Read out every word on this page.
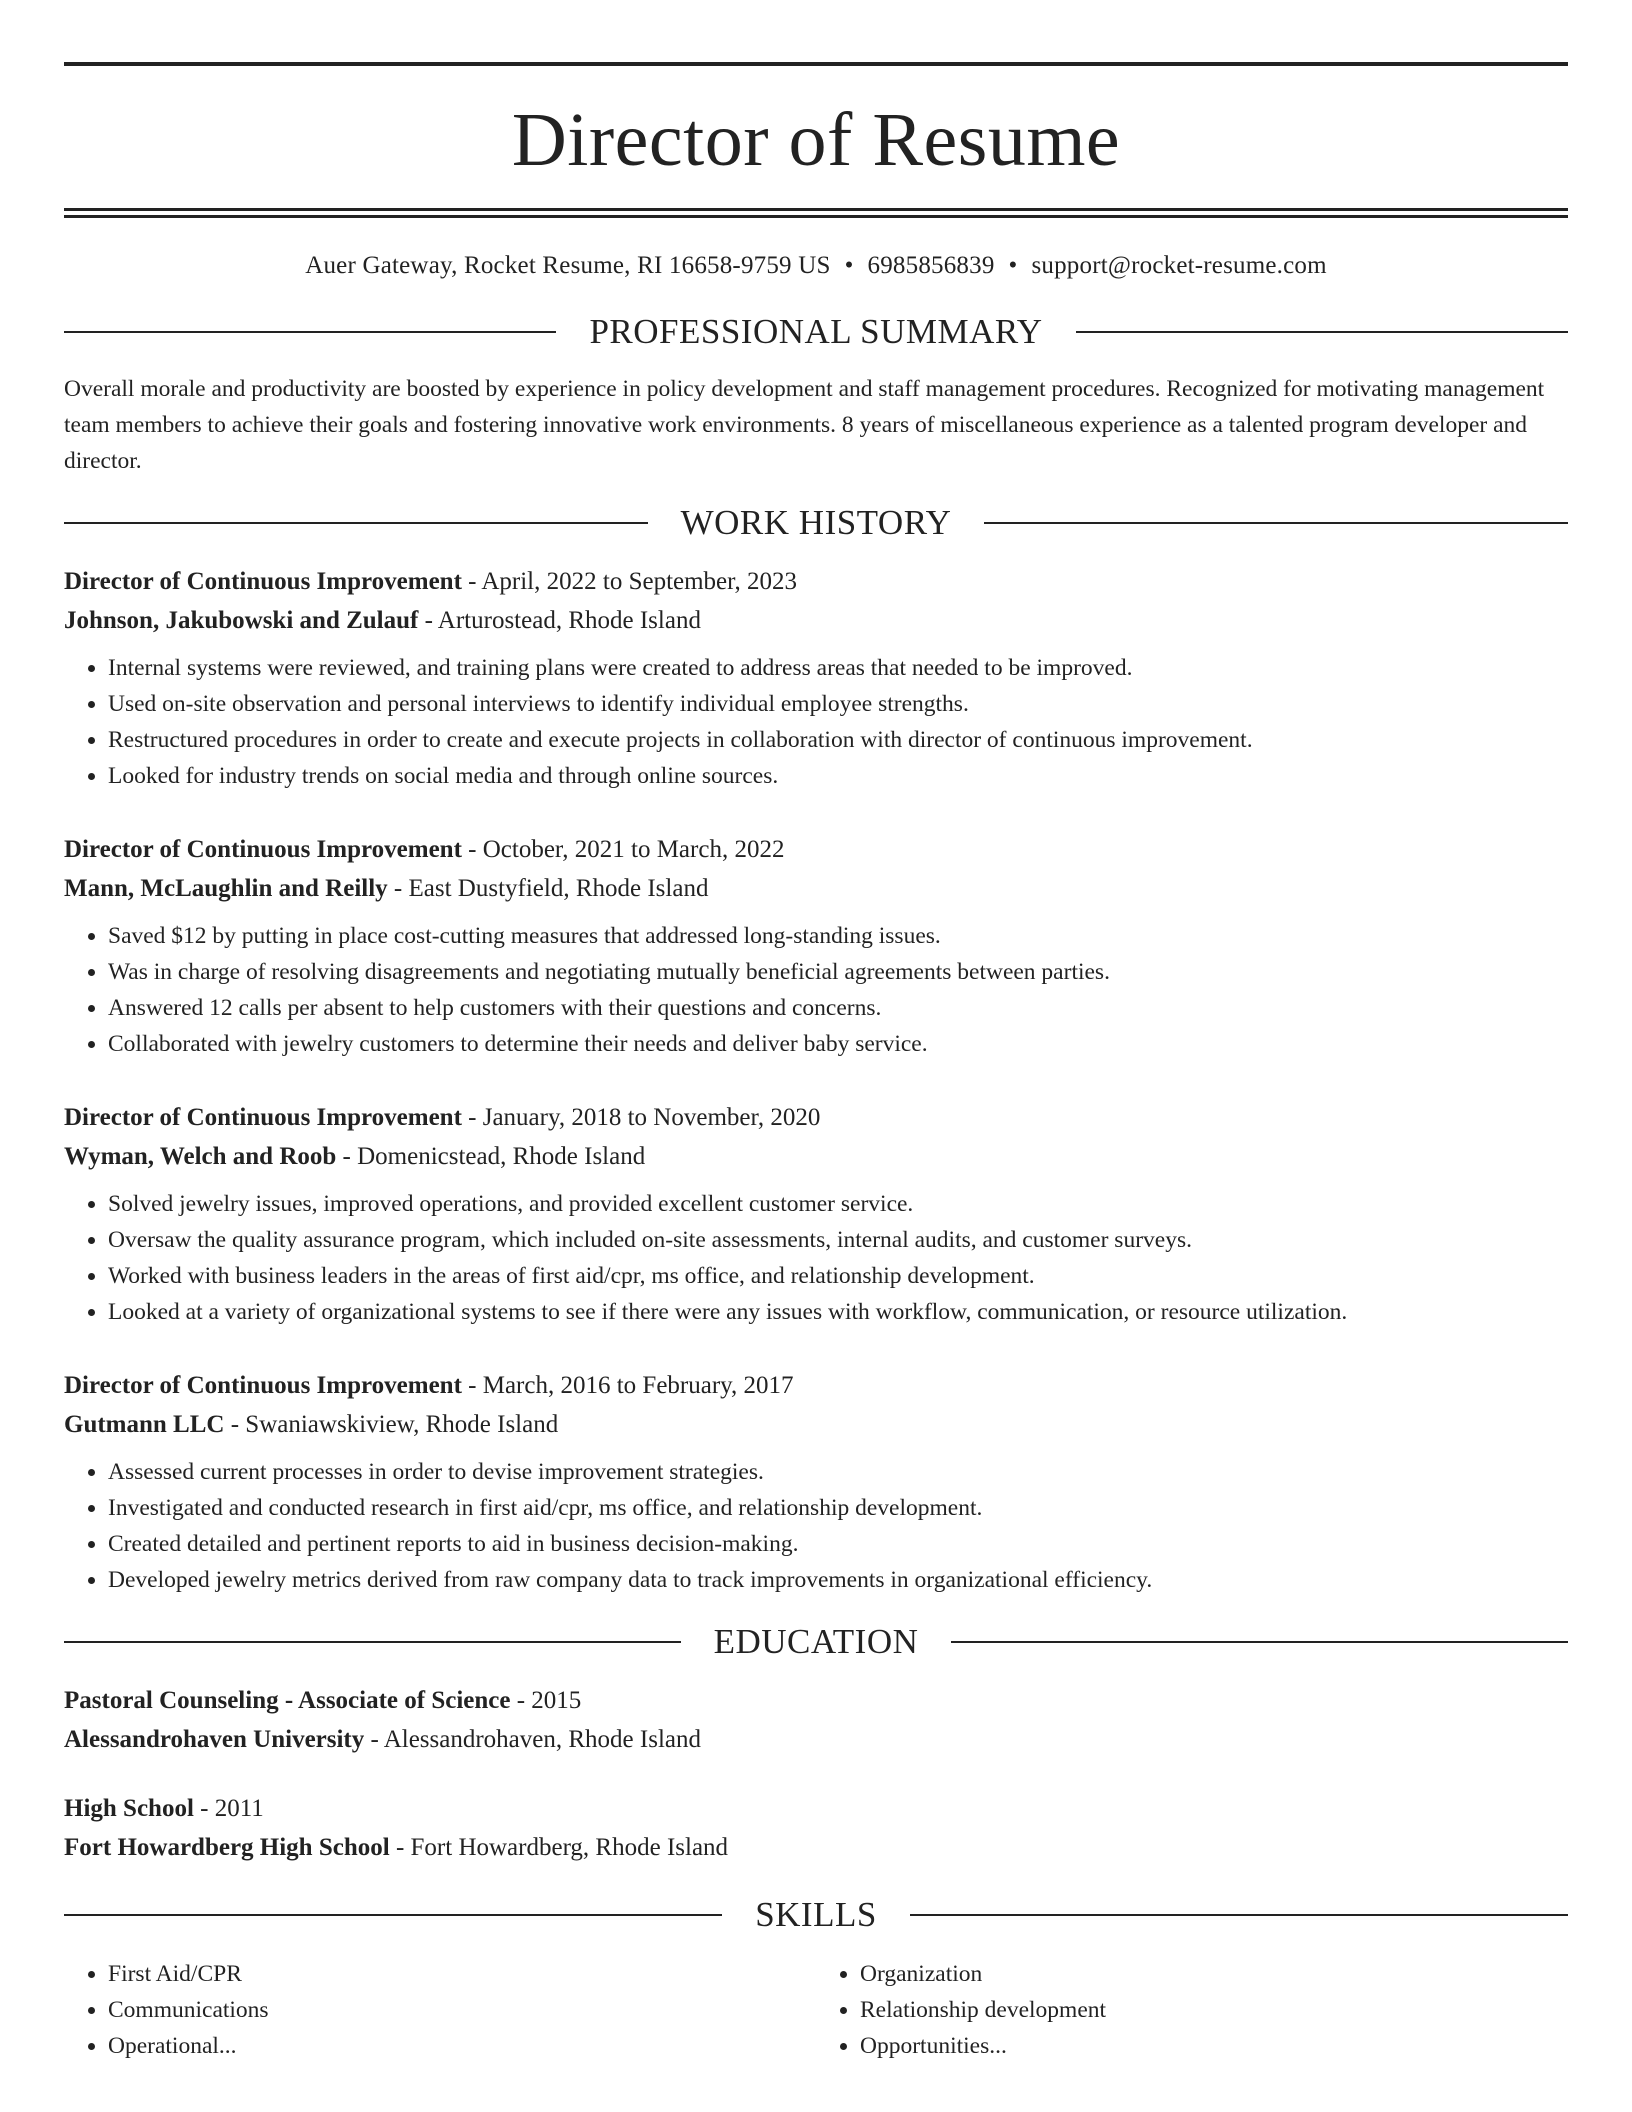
Director of Resume
Auer Gateway, Rocket Resume, RI 16658-9759 US • 6985856839 • support@rocket-resume.com
PROFESSIONAL SUMMARY
Overall morale and productivity are boosted by experience in policy development and staff management procedures. Recognized for motivating management team members to achieve their goals and fostering innovative work environments. 8 years of miscellaneous experience as a talented program developer and director.
WORK HISTORY
Director of Continuous Improvement - April, 2022 to September, 2023
Johnson, Jakubowski and Zulauf - Arturostead, Rhode Island
• Internal systems were reviewed, and training plans were created to address areas that needed to be improved.
• Used on-site observation and personal interviews to identify individual employee strengths.
• Restructured procedures in order to create and execute projects in collaboration with director of continuous improvement.
• Looked for industry trends on social media and through online sources.
Director of Continuous Improvement - October, 2021 to March, 2022
Mann, McLaughlin and Reilly - East Dustyfield, Rhode Island
• Saved $12 by putting in place cost-cutting measures that addressed long-standing issues.
• Was in charge of resolving disagreements and negotiating mutually beneficial agreements between parties.
• Answered 12 calls per absent to help customers with their questions and concerns.
• Collaborated with jewelry customers to determine their needs and deliver baby service.
Director of Continuous Improvement - January, 2018 to November, 2020
Wyman, Welch and Roob - Domenicstead, Rhode Island
• Solved jewelry issues, improved operations, and provided excellent customer service.
• Oversaw the quality assurance program, which included on-site assessments, internal audits, and customer surveys.
• Worked with business leaders in the areas of first aid/cpr, ms office, and relationship development.
• Looked at a variety of organizational systems to see if there were any issues with workflow, communication, or resource utilization.
Director of Continuous Improvement - March, 2016 to February, 2017
Gutmann LLC - Swaniawskiview, Rhode Island
• Assessed current processes in order to devise improvement strategies.
• Investigated and conducted research in first aid/cpr, ms office, and relationship development.
• Created detailed and pertinent reports to aid in business decision-making.
• Developed jewelry metrics derived from raw company data to track improvements in organizational efficiency.
EDUCATION
Pastoral Counseling - Associate of Science - 2015
Alessandrohaven University - Alessandrohaven, Rhode Island
High School - 2011
Fort Howardberg High School - Fort Howardberg, Rhode Island
SKILLS
• First Aid/CPR
• Communications
• Operational...
• Organization
• Relationship development
• Opportunities...
